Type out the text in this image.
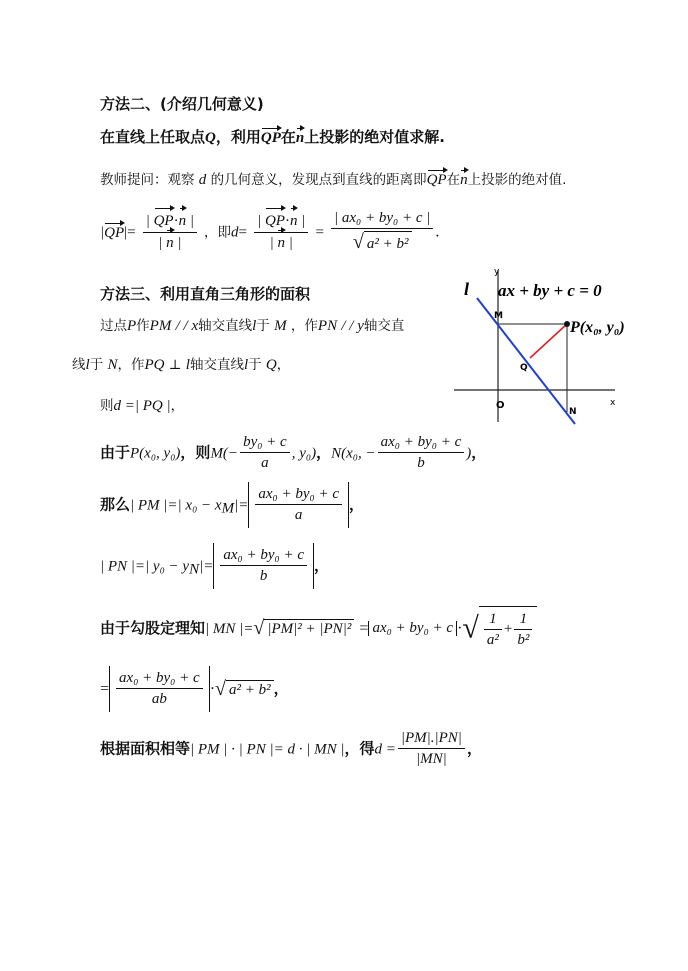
方法二、(介绍几何意义)
在直线上任取点Q，利用QP在n上投影的绝对值求解.
教师提问：观察 d 的几何意义，发现点到直线的距离即QP在n上投影的绝对值.
$|QP|= \frac{| QP\cdot n |}{| n |}$ ，即$d= \frac{| QP\cdot n |}{| n |} = \frac{\text{| ax₀ + by₀ + c |}}{\text{√ a² + b²}}$ .
方法三、利用直角三角形的面积
过点P作PM / / x轴交直线l于 M ，作PN / / y轴交直
线l于 N，作PQ ⊥ l轴交直线l于 Q，
则d =| PQ |，
由于P(x₀, y₀)，则$M(- \frac{\text{by₀ + c}}{a}$ , y₀)，N(x₀, − $\frac{\text{ax₀ + by₀ + c}}{b}$ )，
那么| PM |=| $x_0 - x_M|= \frac{\text{ax₀ + by₀ + c}}{a}$ ，
| PN |=| $y_0 - y_N|= \frac{\text{ax₀ + by₀ + c}}{b}$ ，
由于勾股定理知| MN |=√ |PM|² + |PN|² = ax₀ + by₀ + c ·√ $\frac{1}{\text{a²}} + \frac{1}{\text{b²}}$
= $\frac{\text{ax₀ + by₀ + c}}{ab}$ ·√ a² + b² ，
根据面积相等| PM | · | PN |= d · | MN |，得$d = \frac{|PM|.|PN|}{|MN|}$ ，
l ax + by + c = 0
y
x
O
M
N
Q
P(x₀, y₀)
